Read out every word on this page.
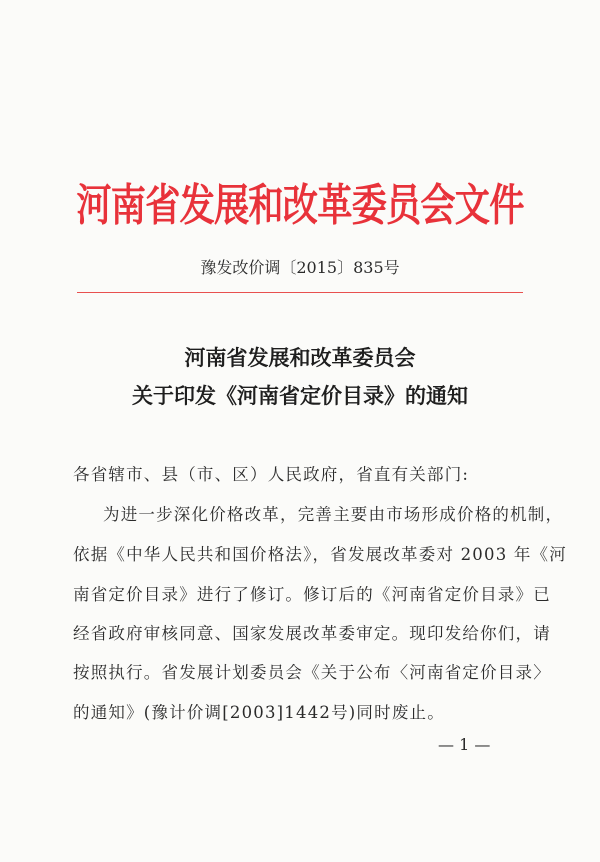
河南省发展和改革委员会文件
豫发改价调〔2015〕835号
河南省发展和改革委员会
关于印发《河南省定价目录》的通知
各省辖市、县（市、区）人民政府，省直有关部门:
为进一步深化价格改革，完善主要由市场形成价格的机制，
依据《中华人民共和国价格法》，省发展改革委对 2003 年《河
南省定价目录》进行了修订。修订后的《河南省定价目录》已
经省政府审核同意、国家发展改革委审定。现印发给你们，请
按照执行。省发展计划委员会《关于公布〈河南省定价目录〉
的通知》(豫计价调[2003]1442号)同时废止。
— 1 —
